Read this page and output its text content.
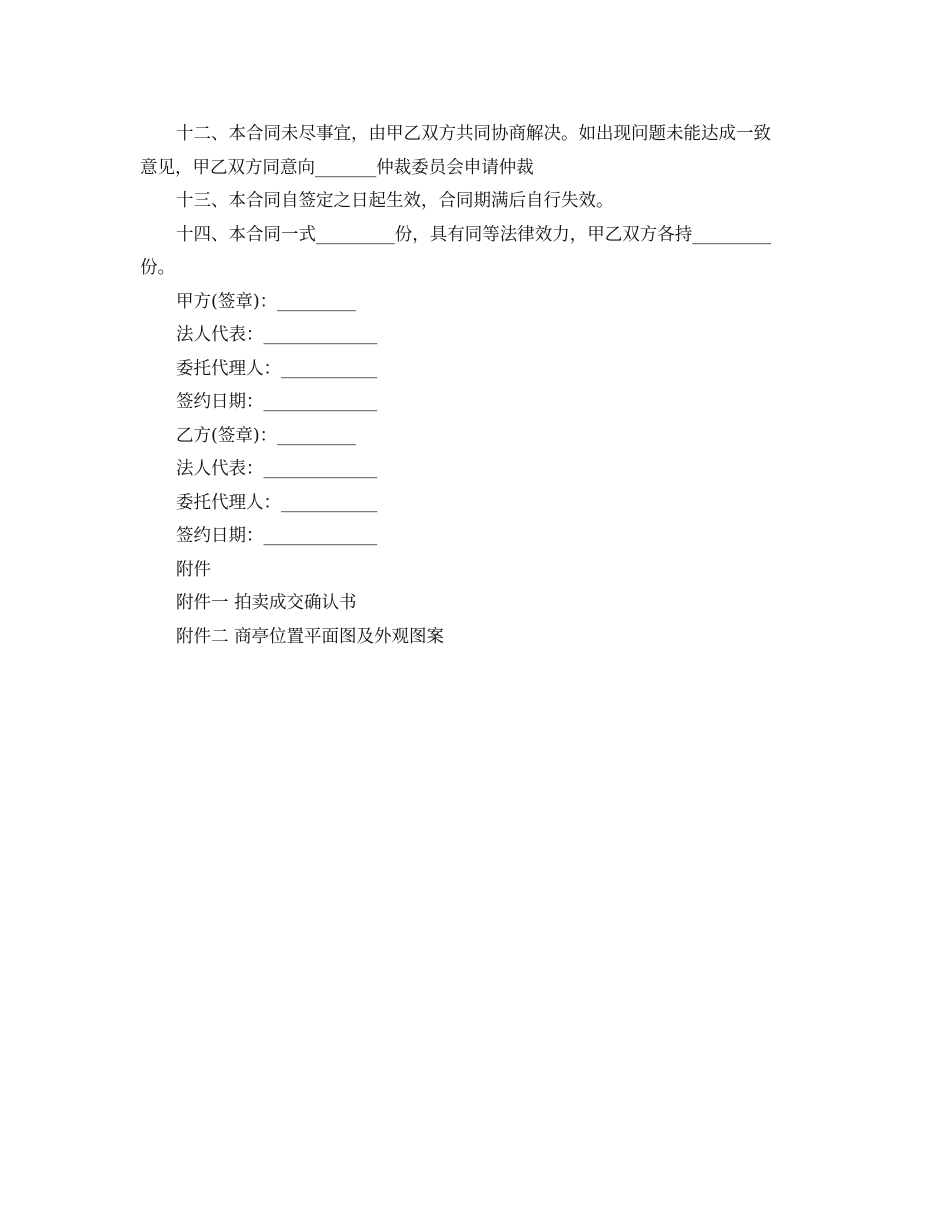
十二、本合同未尽事宜，由甲乙双方共同协商解决。如出现问题未能达成一致
意见，甲乙双方同意向_______仲裁委员会申请仲裁
十三、本合同自签定之日起生效，合同期满后自行失效。
十四、本合同一式_________份，具有同等法律效力，甲乙双方各持_________
份。
甲方(签章)：_________
法人代表：_____________
委托代理人：___________
签约日期：_____________
乙方(签章)：_________
法人代表：_____________
委托代理人：___________
签约日期：_____________
附件
附件一 拍卖成交确认书
附件二 商亭位置平面图及外观图案
